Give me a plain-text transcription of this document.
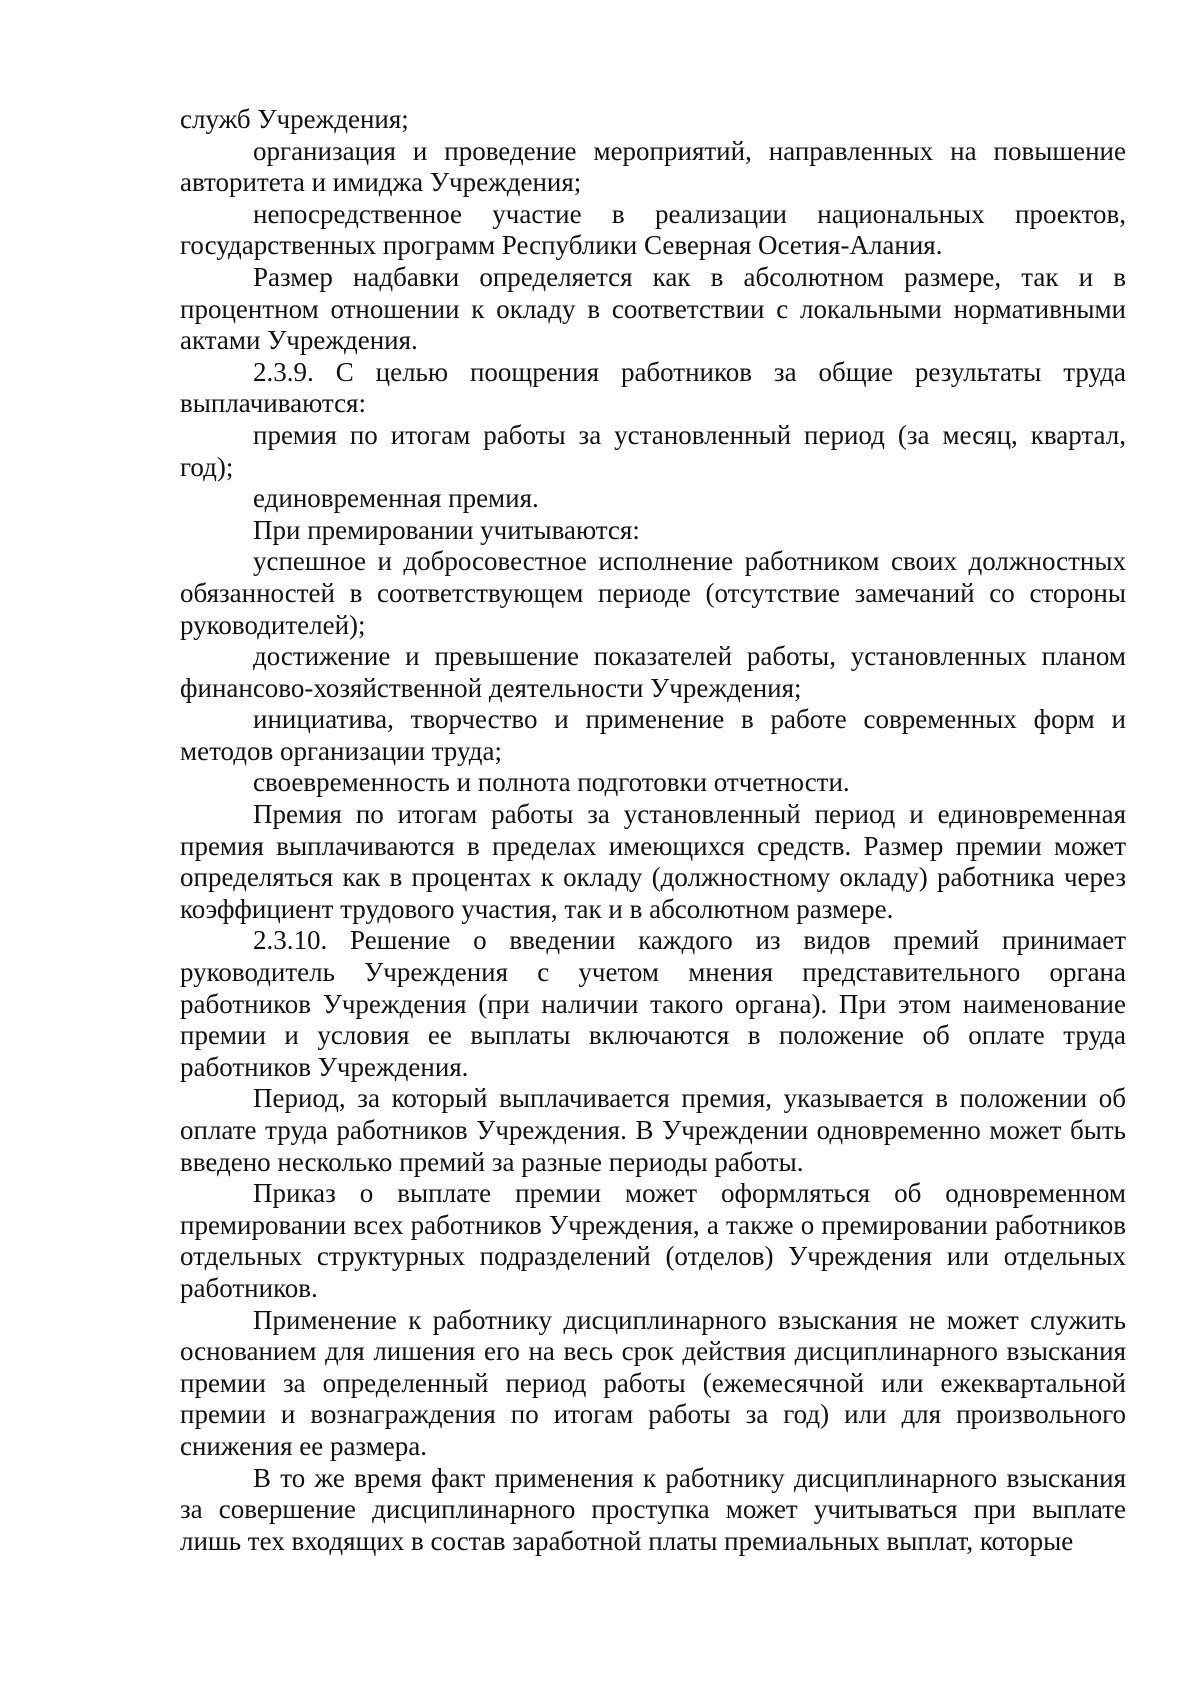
служб Учреждения;

организация и проведение мероприятий, направленных на повышение авторитета и имиджа Учреждения;

непосредственное участие в реализации национальных проектов, государственных программ Республики Северная Осетия-Алания.

Размер надбавки определяется как в абсолютном размере, так и в процентном отношении к окладу в соответствии с локальными нормативными актами Учреждения.

2.3.9. С целью поощрения работников за общие результаты труда выплачиваются:

премия по итогам работы за установленный период (за месяц, квартал, год);

единовременная премия.

При премировании учитываются:

успешное и добросовестное исполнение работником своих должностных обязанностей в соответствующем периоде (отсутствие замечаний со стороны руководителей);

достижение и превышение показателей работы, установленных планом финансово-хозяйственной деятельности Учреждения;

инициатива, творчество и применение в работе современных форм и методов организации труда;

своевременность и полнота подготовки отчетности.

Премия по итогам работы за установленный период и единовременная премия выплачиваются в пределах имеющихся средств. Размер премии может определяться как в процентах к окладу (должностному окладу) работника через коэффициент трудового участия, так и в абсолютном размере.

2.3.10. Решение о введении каждого из видов премий принимает руководитель Учреждения с учетом мнения представительного органа работников Учреждения (при наличии такого органа). При этом наименование премии и условия ее выплаты включаются в положение об оплате труда работников Учреждения.

Период, за который выплачивается премия, указывается в положении об оплате труда работников Учреждения. В Учреждении одновременно может быть введено несколько премий за разные периоды работы.

Приказ о выплате премии может оформляться об одновременном премировании всех работников Учреждения, а также о премировании работников отдельных структурных подразделений (отделов) Учреждения или отдельных работников.

Применение к работнику дисциплинарного взыскания не может служить основанием для лишения его на весь срок действия дисциплинарного взыскания премии за определенный период работы (ежемесячной или ежеквартальной премии и вознаграждения по итогам работы за год) или для произвольного снижения ее размера.

В то же время факт применения к работнику дисциплинарного взыскания за совершение дисциплинарного проступка может учитываться при выплате лишь тех входящих в состав заработной платы премиальных выплат, которые
